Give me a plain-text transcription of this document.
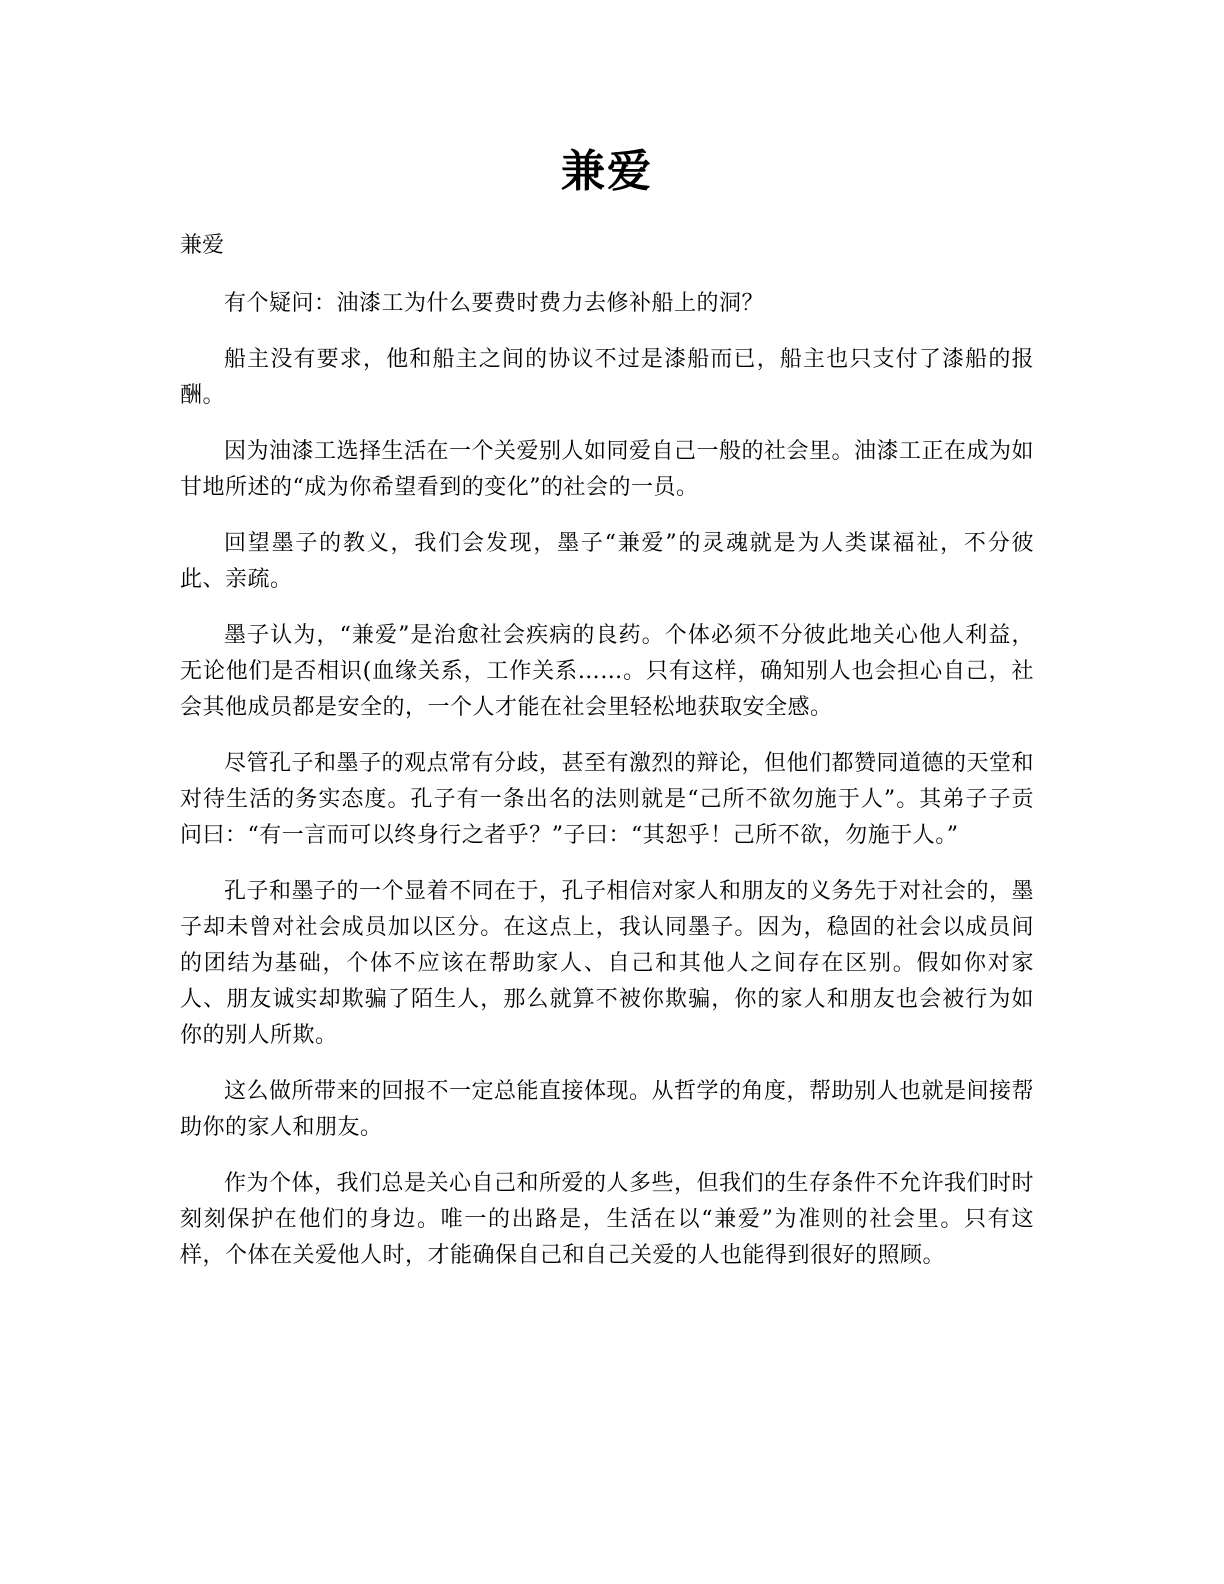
兼爱
兼爱

有个疑问：油漆工为什么要费时费力去修补船上的洞？

船主没有要求，他和船主之间的协议不过是漆船而已，船主也只支付了漆船的报酬。

因为油漆工选择生活在一个关爱别人如同爱自己一般的社会里。油漆工正在成为如甘地所述的“成为你希望看到的变化”的社会的一员。

回望墨子的教义，我们会发现，墨子“兼爱”的灵魂就是为人类谋福祉，不分彼此、亲疏。

墨子认为，“兼爱”是治愈社会疾病的良药。个体必须不分彼此地关心他人利益，无论他们是否相识(血缘关系，工作关系……。只有这样，确知别人也会担心自己，社会其他成员都是安全的，一个人才能在社会里轻松地获取安全感。

尽管孔子和墨子的观点常有分歧，甚至有激烈的辩论，但他们都赞同道德的天堂和对待生活的务实态度。孔子有一条出名的法则就是“己所不欲勿施于人”。其弟子子贡问曰：“有一言而可以终身行之者乎？”子曰：“其恕乎！己所不欲，勿施于人。”

孔子和墨子的一个显着不同在于，孔子相信对家人和朋友的义务先于对社会的，墨子却未曾对社会成员加以区分。在这点上，我认同墨子。因为，稳固的社会以成员间的团结为基础，个体不应该在帮助家人、自己和其他人之间存在区别。假如你对家人、朋友诚实却欺骗了陌生人，那么就算不被你欺骗，你的家人和朋友也会被行为如你的别人所欺。

这么做所带来的回报不一定总能直接体现。从哲学的角度，帮助别人也就是间接帮助你的家人和朋友。

作为个体，我们总是关心自己和所爱的人多些，但我们的生存条件不允许我们时时刻刻保护在他们的身边。唯一的出路是，生活在以“兼爱”为准则的社会里。只有这样，个体在关爱他人时，才能确保自己和自己关爱的人也能得到很好的照顾。
